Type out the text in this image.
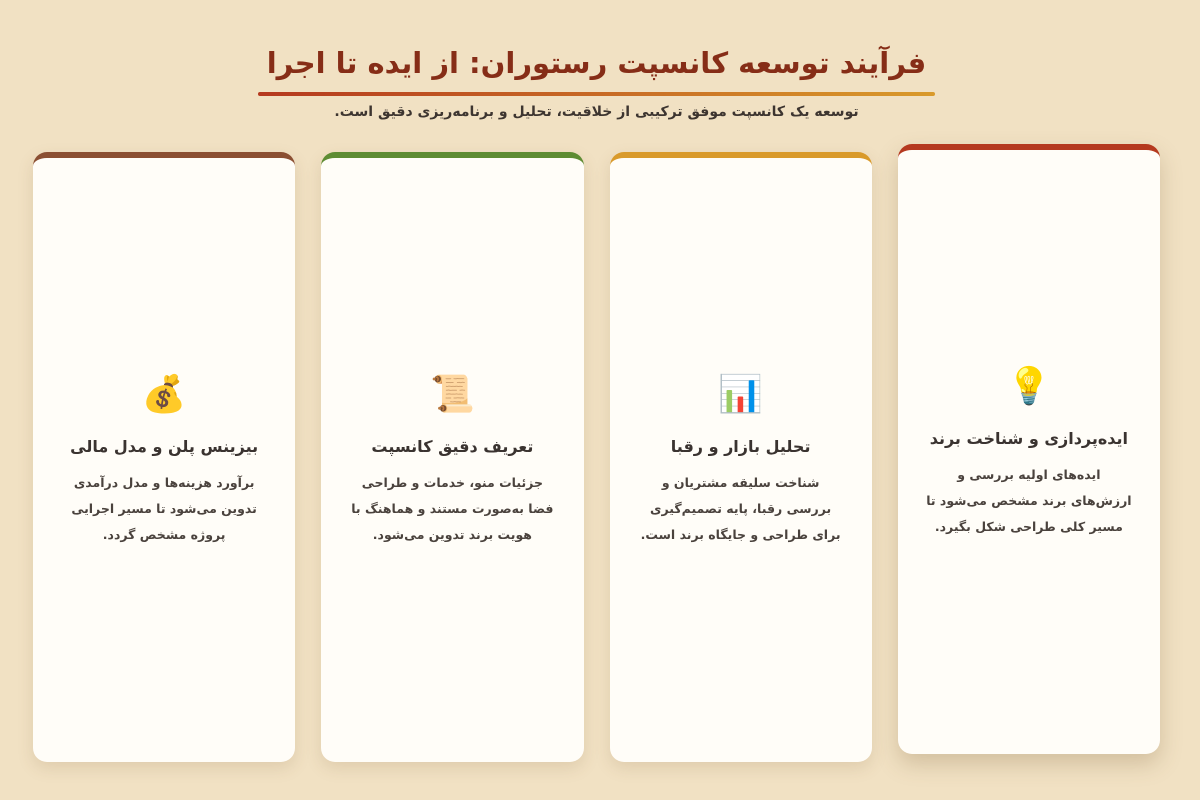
فرآیند توسعه کانسپت رستوران: از ایده تا اجرا

توسعه یک کانسپت موفق ترکیبی از خلاقیت، تحلیل و برنامه‌ریزی دقیق است.

💡
ایده‌پردازی و شناخت برند
ایده‌های اولیه بررسی و ارزش‌های برند مشخص می‌شود تا مسیر کلی طراحی شکل بگیرد.
📊
تحلیل بازار و رقبا
شناخت سلیقه مشتریان و بررسی رقبا، پایه تصمیم‌گیری برای طراحی و جایگاه برند است.
📜
تعریف دقیق کانسپت
جزئیات منو، خدمات و طراحی فضا به‌صورت مستند و هماهنگ با هویت برند تدوین می‌شود.
💰
بیزینس پلن و مدل مالی
برآورد هزینه‌ها و مدل درآمدی تدوین می‌شود تا مسیر اجرایی پروژه مشخص گردد.
